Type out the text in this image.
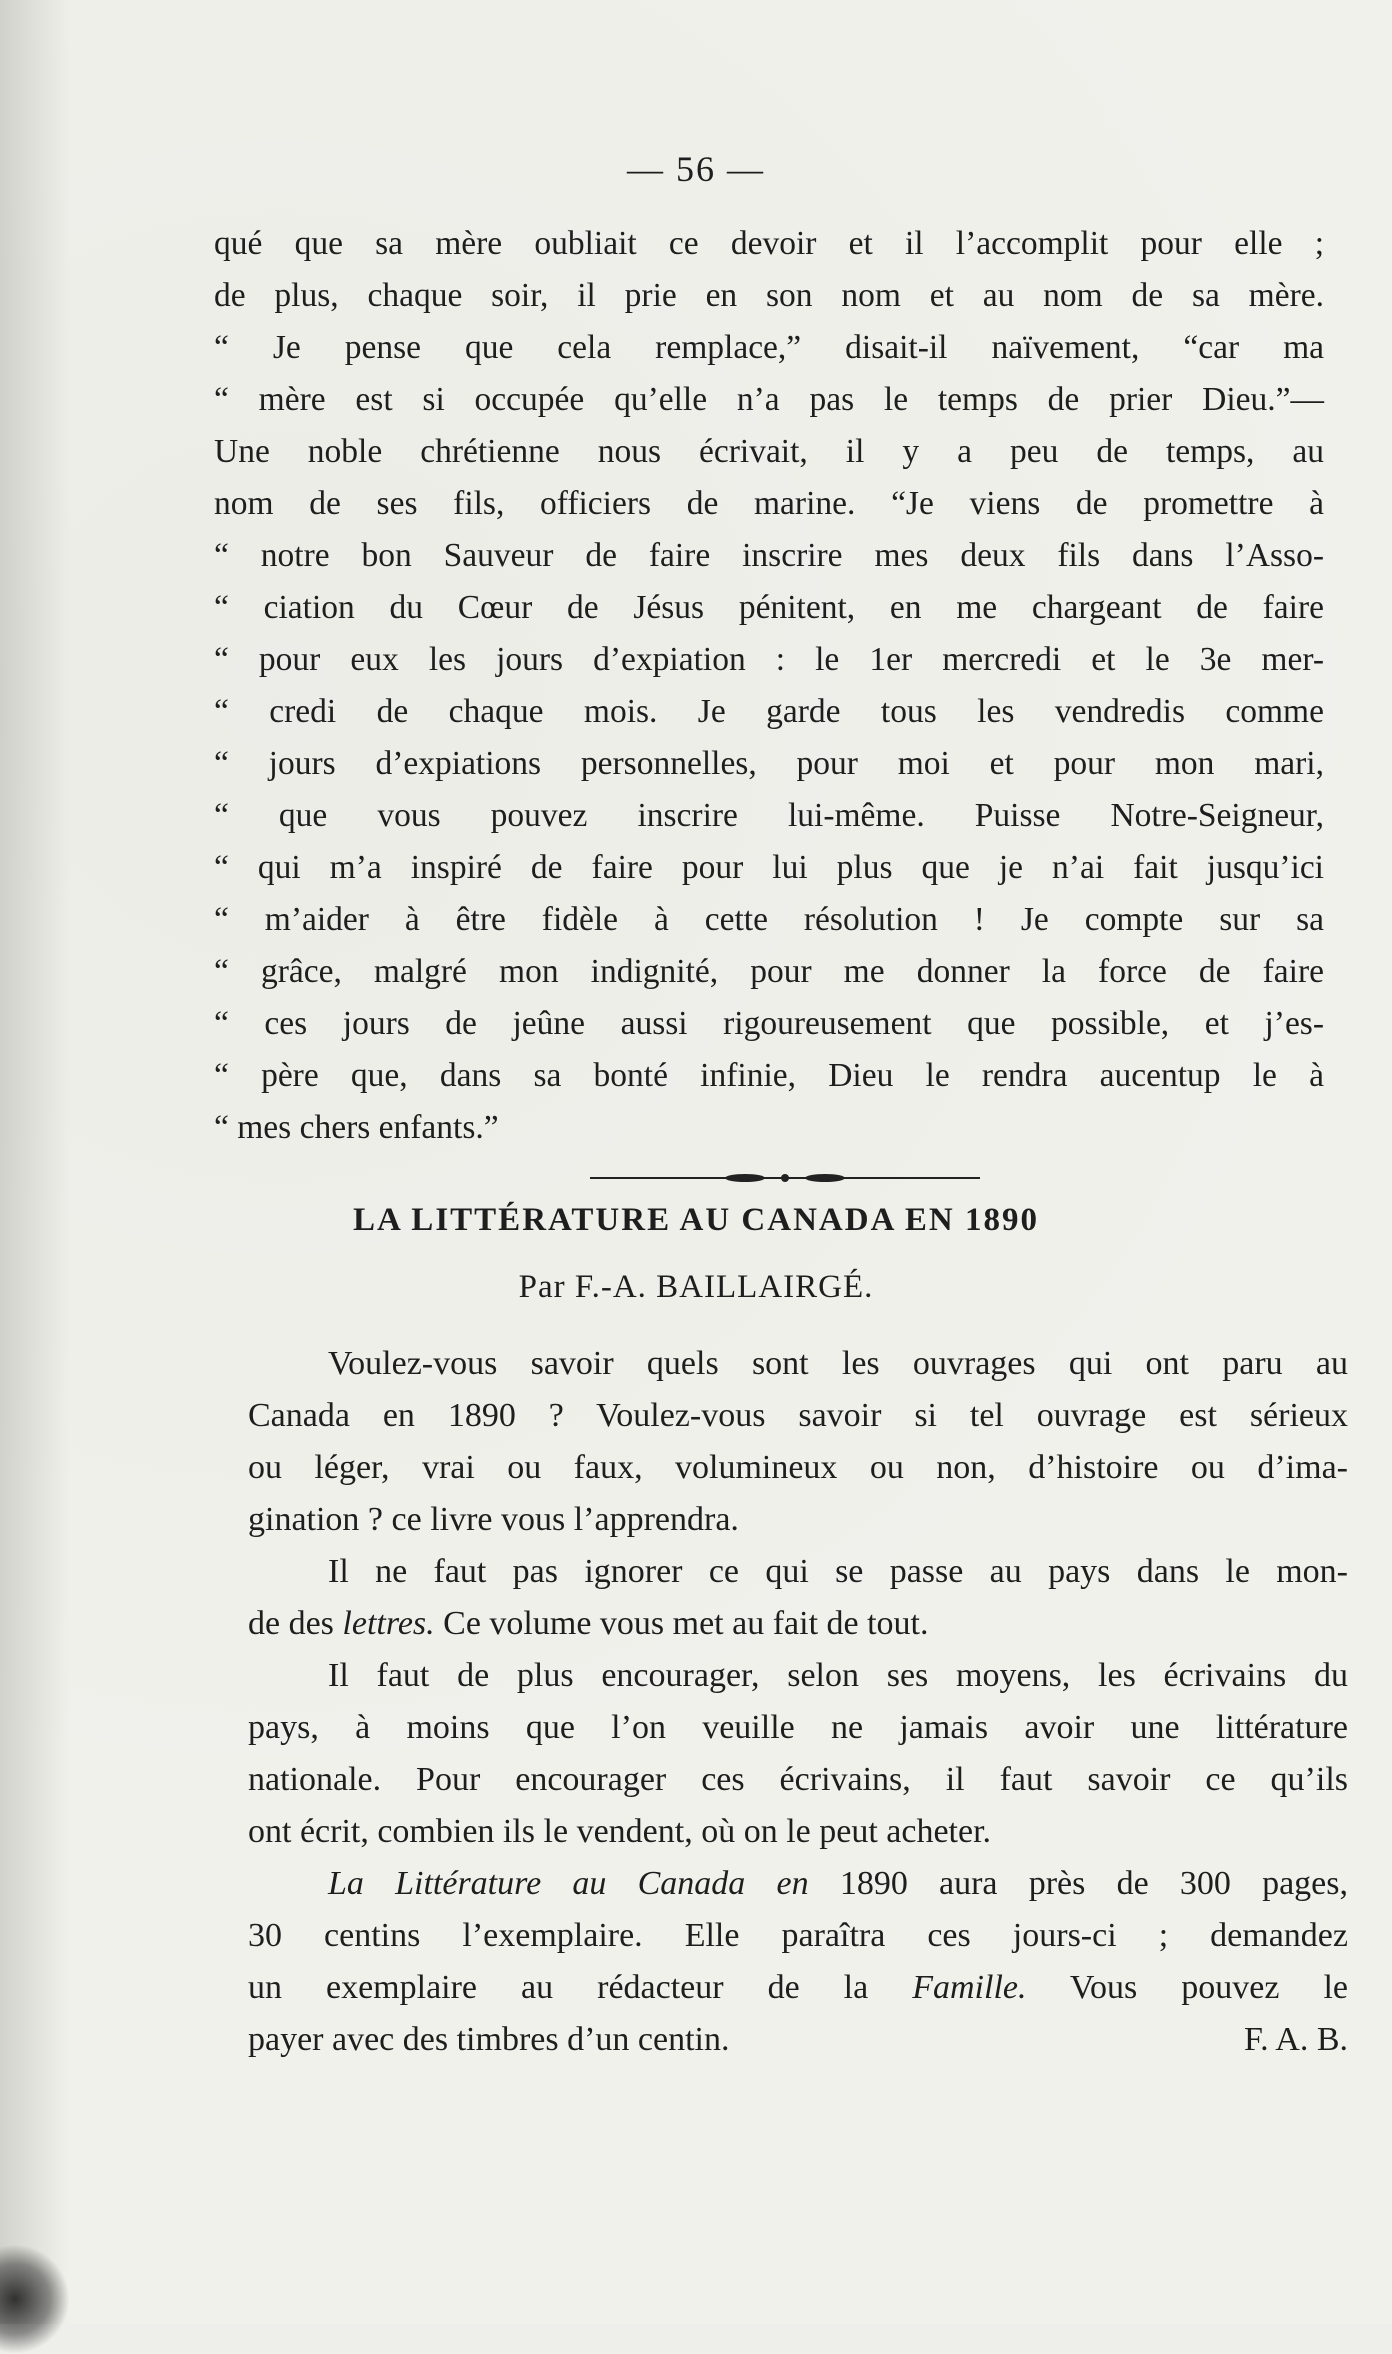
— 56 —
qué que sa mère oubliait ce devoir et il l’accomplit pour elle ;
de plus, chaque soir, il prie en son nom et au nom de sa mère.
“ Je pense que cela remplace,” disait-il naïvement, “car ma
“ mère est si occupée qu’elle n’a pas le temps de prier Dieu.”—
Une noble chrétienne nous écrivait, il y a peu de temps, au
nom de ses fils, officiers de marine. “Je viens de promettre à
“ notre bon Sauveur de faire inscrire mes deux fils dans l’Asso-
“ ciation du Cœur de Jésus pénitent, en me chargeant de faire
“ pour eux les jours d’expiation : le 1er mercredi et le 3e mer-
“ credi de chaque mois. Je garde tous les vendredis comme
“ jours d’expiations personnelles, pour moi et pour mon mari,
“ que vous pouvez inscrire lui-même. Puisse Notre-Seigneur,
“ qui m’a inspiré de faire pour lui plus que je n’ai fait jusqu’ici
“ m’aider à être fidèle à cette résolution ! Je compte sur sa
“ grâce, malgré mon indignité, pour me donner la force de faire
“ ces jours de jeûne aussi rigoureusement que possible, et j’es-
“ père que, dans sa bonté infinie, Dieu le rendra aucentup le à
“ mes chers enfants.”
LA LITTÉRATURE AU CANADA EN 1890
Par F.-A. BAILLAIRGÉ.
Voulez-vous savoir quels sont les ouvrages qui ont paru au
Canada en 1890 ? Voulez-vous savoir si tel ouvrage est sérieux
ou léger, vrai ou faux, volumineux ou non, d’histoire ou d’ima-
gination ? ce livre vous l’apprendra.
Il ne faut pas ignorer ce qui se passe au pays dans le mon-
de des lettres. Ce volume vous met au fait de tout.
Il faut de plus encourager, selon ses moyens, les écrivains du
pays, à moins que l’on veuille ne jamais avoir une littérature
nationale. Pour encourager ces écrivains, il faut savoir ce qu’ils
ont écrit, combien ils le vendent, où on le peut acheter.
La Littérature au Canada en 1890 aura près de 300 pages,
30 centins l’exemplaire. Elle paraîtra ces jours-ci ; demandez
un exemplaire au rédacteur de la Famille. Vous pouvez le
payer avec des timbres d’un centin.	F. A. B.
